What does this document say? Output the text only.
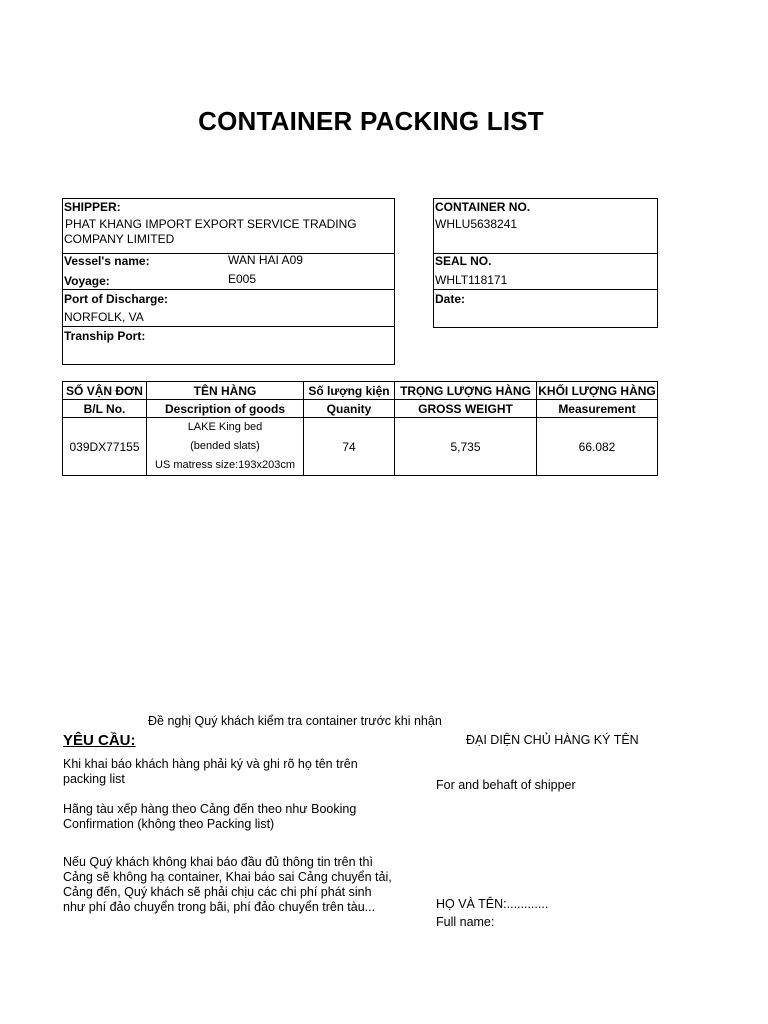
CONTAINER PACKING LIST
SHIPPER:
PHAT KHANG IMPORT EXPORT SERVICE TRADING
COMPANY LIMITED
Vessel's name:	WAN HAI A09
Voyage:	E005
Port of Discharge:
NORFOLK, VA
Tranship Port:
CONTAINER NO.
WHLU5638241
SEAL NO.
WHLT118171
Date:
SỐ VẬN ĐƠN	TÊN HÀNG	Số lượng kiện	TRỌNG LƯỢNG HÀNG	KHỐI LƯỢNG HÀNG
B/L No.	Description of goods	Quanity	GROSS WEIGHT	Measurement
039DX77155	LAKE King bed
(bended slats)
US matress size:193x203cm	74	5,735	66.082
Đề nghị Quý khách kiểm tra container trước khi nhận
YÊU CẦU:
Khi khai báo khách hàng phải ký và ghi rõ họ tên trên
packing list
Hãng tàu xếp hàng theo Cảng đến theo như Booking
Confirmation (không theo Packing list)
Nếu Quý khách không khai báo đầu đủ thông tin trên thì
Cảng sẽ không hạ container, Khai báo sai Cảng chuyển tải,
Cảng đến, Quý khách sẽ phải chịu các chi phí phát sinh
như phí đảo chuyển trong bãi, phí đảo chuyển trên tàu...
ĐẠI DIỆN CHỦ HÀNG KÝ TÊN
For and behaft of shipper
HỌ VÀ TÊN:............
Full name:
